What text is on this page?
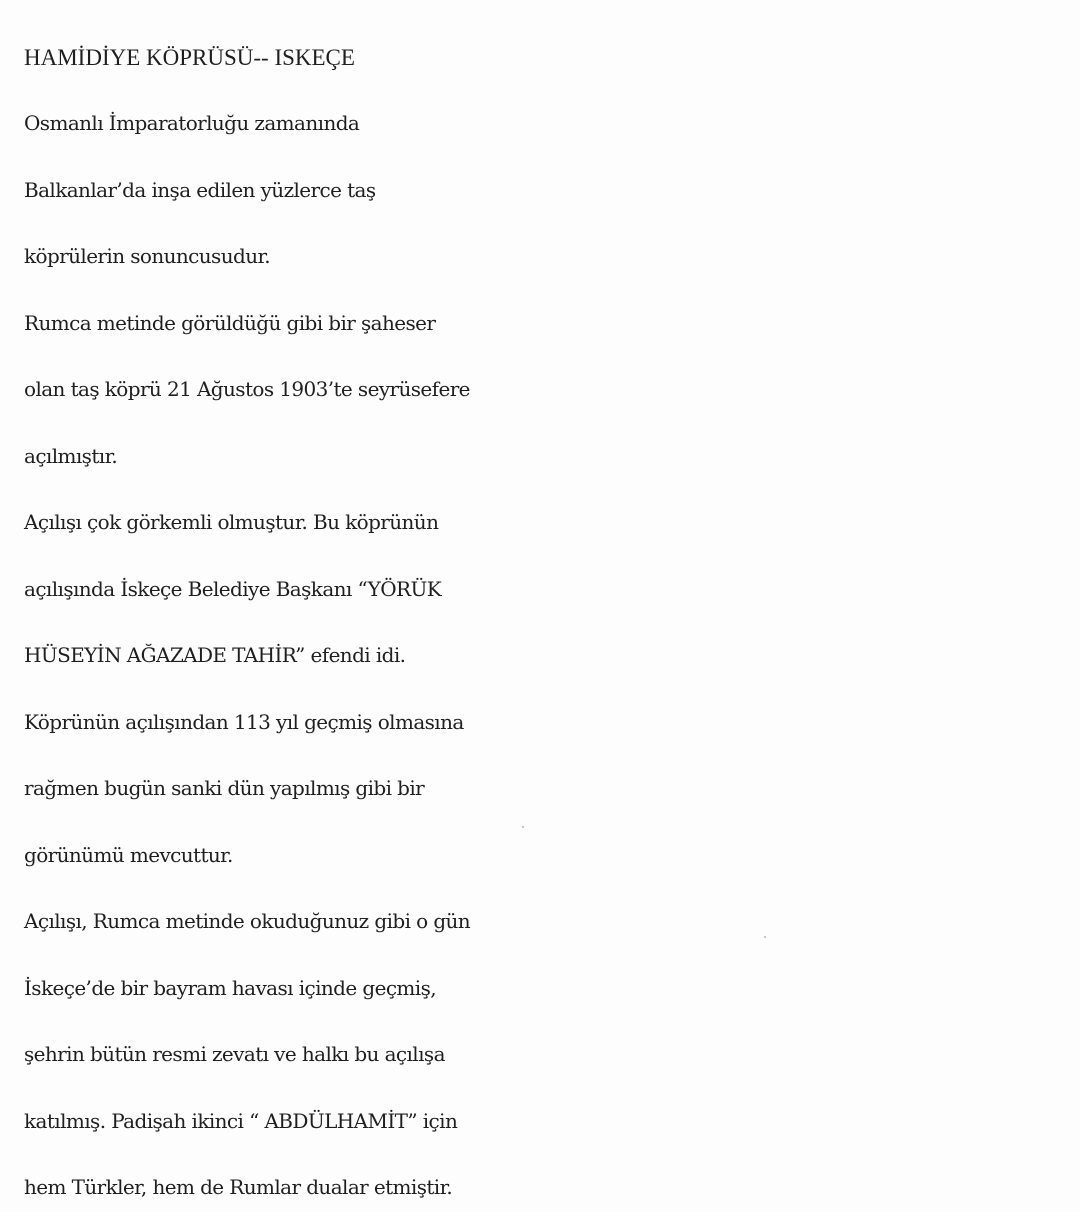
HAMİDİYE KÖPRÜSÜ-- ISKEÇE
Osmanlı İmparatorluğu zamanında
Balkanlar’da inşa edilen yüzlerce taş
köprülerin sonuncusudur.
Rumca metinde görüldüğü gibi bir şaheser
olan taş köprü 21 Ağustos 1903’te seyrüsefere
açılmıştır.
Açılışı çok görkemli olmuştur. Bu köprünün
açılışında İskeçe Belediye Başkanı “YÖRÜK
HÜSEYİN AĞAZADE TAHİR” efendi idi.
Köprünün açılışından 113 yıl geçmiş olmasına
rağmen bugün sanki dün yapılmış gibi bir
görünümü mevcuttur.
Açılışı, Rumca metinde okuduğunuz gibi o gün
İskeçe’de bir bayram havası içinde geçmiş,
şehrin bütün resmi zevatı ve halkı bu açılışa
katılmış. Padişah ikinci “ ABDÜLHAMİT” için
hem Türkler, hem de Rumlar dualar etmiştir.
